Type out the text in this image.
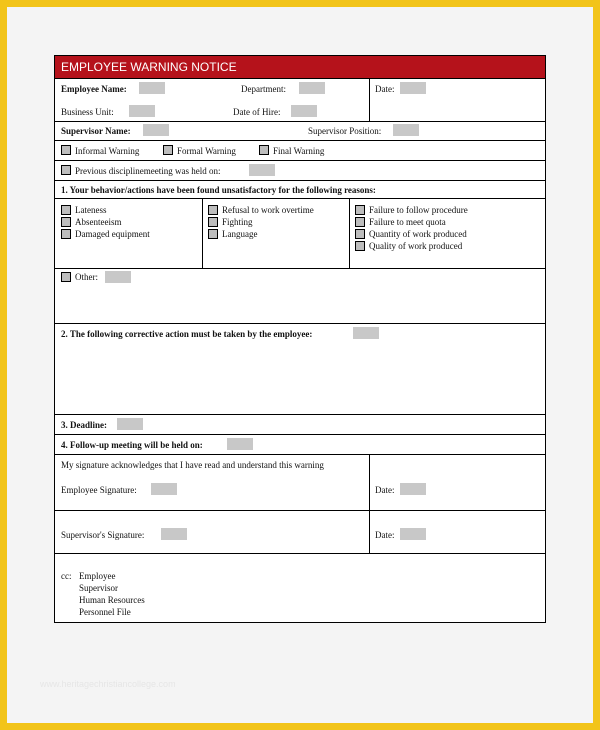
EMPLOYEE WARNING NOTICE
Employee Name:	Department:	Date:
Business Unit:	Date of Hire:
Supervisor Name:	Supervisor Position:
Informal Warning	Formal Warning	Final Warning
Previous disciplinemeeting was held on:
1. Your behavior/actions have been found unsatisfactory for the following reasons:
Lateness
Absenteeism
Damaged equipment
Refusal to work overtime
Fighting
Language
Failure to follow procedure
Failure to meet quota
Quantity of work produced
Quality of work produced
Other:
2. The following corrective action must be taken by the employee:
3. Deadline:
4. Follow-up meeting will be held on:
My signature acknowledges that I have read and understand this warning
Employee Signature:	Date:
Supervisor's Signature:	Date:
cc: Employee
Supervisor
Human Resources
Personnel File
www.heritagechristiancollege.com
